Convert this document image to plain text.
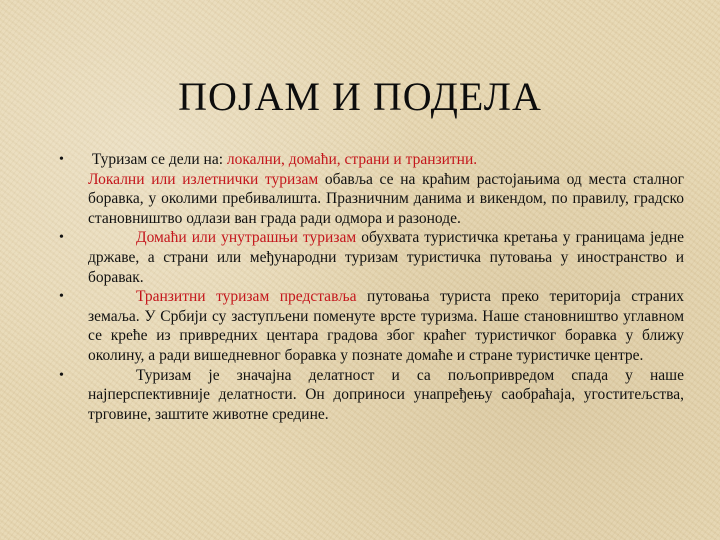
ПОЈАМ И ПОДЕЛА
• Туризам се дели на: локални, домаћи, страни и транзитни.
Локални или излетнички туризам обавља се на краћим растојањима од места сталног боравка, у околими пребивалишта. Празничним данима и викендом, по правилу, градско становништво одлази ван града ради одмора и разоноде.
•	Домаћи или унутрашњи туризам обухвата туристичка кретања у границама једне државе, а страни или међународни туризам туристичка путовања у иностранство и боравак.
•	Транзитни туризам представља путовања туриста преко територија страних земаља. У Србији су заступљени поменуте врсте туризма. Наше становништво углавном се креће из привредних центара градова због краћег туристичког боравка у ближу околину, а ради вишедневног боравка у познате домаће и стране туристичке центре.
•	Туризам је значајна делатност и са пољопривредом спада у наше најперспективније делатности. Он доприноси унапређењу саобраћаја, угоститељства, трговине, заштите животне средине.
